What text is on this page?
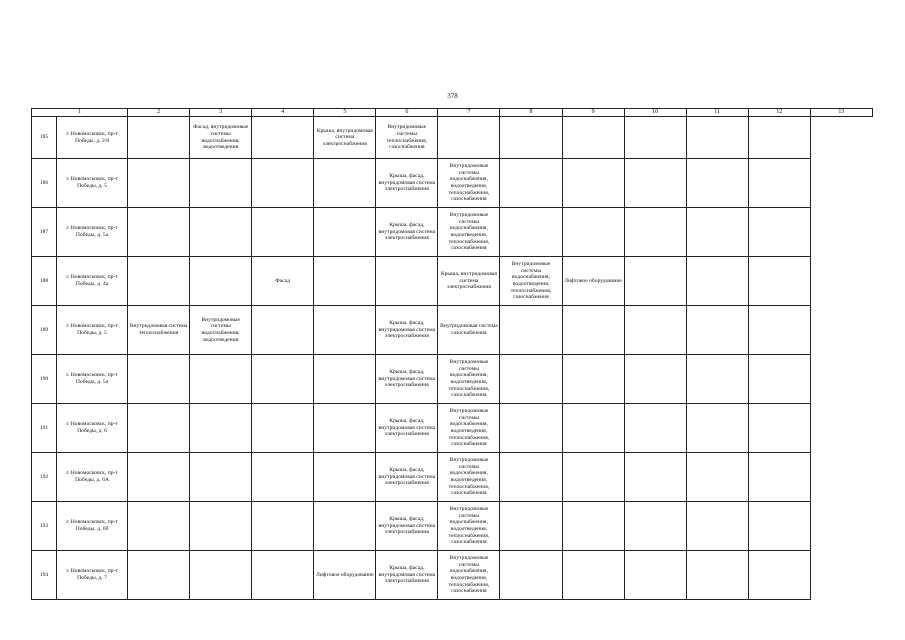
378
1		2	3	4	5	6	7	8	9	10	11	12	13
185	г. Новомосковск, пр-т Победы, д. 2/8		Фасад, внутридомовые системы водоснабжения, водоотведения		Крыша, внутридомовая система электроснабжения	Внутридомовые системы теплоснабжения, газоснабжения							
186	г. Новомосковск, пр-т Победы, д. 5					Крыша, фасад, внутридомовая система электроснабжения	Внутридомовые системы водоснабжения, водоотведения, теплоснабжения, газоснабжения						
187	г. Новомосковск, пр-т Победы, д. 5а					Крыша, фасад, внутридомовая система электроснабжения	Внутридомовые системы водоснабжения, водоотведения, теплоснабжения, газоснабжения						
188	г. Новомосковск, пр-т Победы, д. 4а			Фасад			Крыша, внутридомовая система электроснабжения	Внутридомовые системы водоснабжения, водоотведения, теплоснабжения, газоснабжения	Лифтовое оборудование				
189	г. Новомосковск, пр-т Победы, д. 5	Внутридомовая система теплоснабжения	Внутридомовые системы водоснабжения, водоотведения			Крыша, фасад, внутридомовая система электроснабжения	Внутридомовая система газоснабжения						
190	г. Новомосковск, пр-т Победы, д. 5а					Крыша, фасад, внутридомовая система электроснабжения	Внутридомовые системы водоснабжения, водоотведения, теплоснабжения, газоснабжения						
191	г. Новомосковск, пр-т Победы, д. 6					Крыша, фасад, внутридомовая система электроснабжения	Внутридомовые системы водоснабжения, водоотведения, теплоснабжения, газоснабжения						
192	г. Новомосковск, пр-т Победы, д. 6А					Крыша, фасад, внутридомовая система электроснабжения	Внутридомовые системы водоснабжения, водоотведения, теплоснабжения, газоснабжения						
193	г. Новомосковск, пр-т Победы, д. 6б					Крыша, фасад, внутридомовая система электроснабжения	Внутридомовые системы водоснабжения, водоотведения, теплоснабжения, газоснабжения						
194	г. Новомосковск, пр-т Победы, д. 7				Лифтовое оборудование	Крыша, фасад, внутридомовая система электроснабжения	Внутридомовые системы водоснабжения, водоотведения, теплоснабжения, газоснабжения						
